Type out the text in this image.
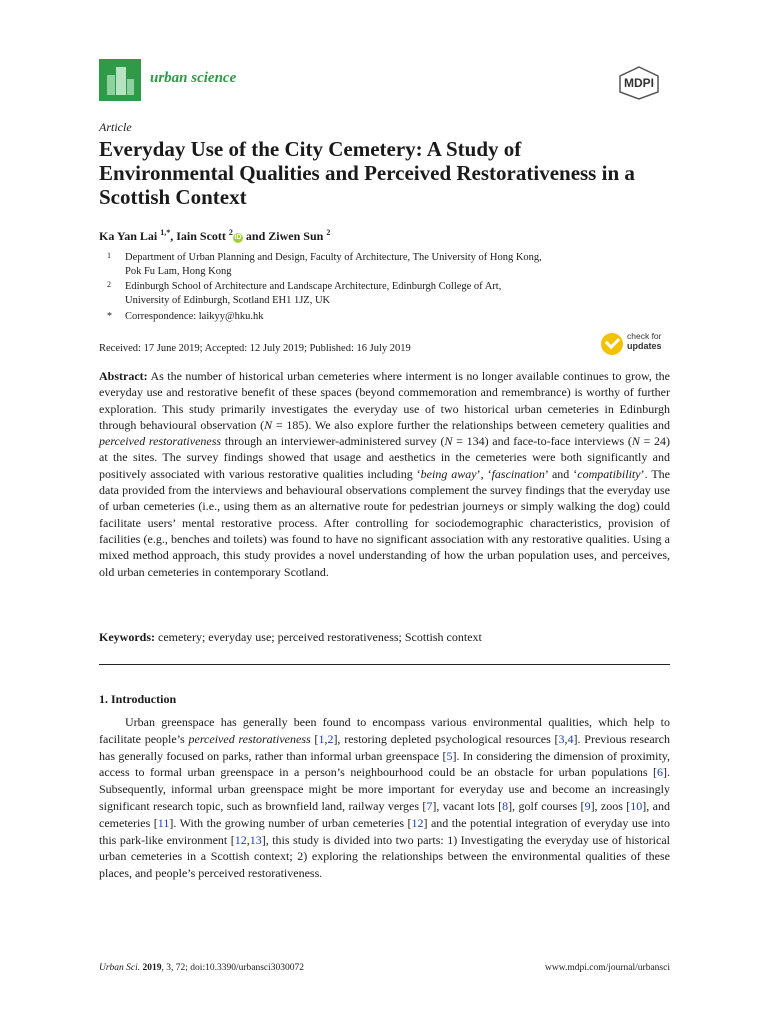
urban science	MDPI
Article
Everyday Use of the City Cemetery: A Study of Environmental Qualities and Perceived Restorativeness in a Scottish Context
Ka Yan Lai $^{1,*}$, Iain Scott $^2$iD and Ziwen Sun $^2$
1 Department of Urban Planning and Design, Faculty of Architecture, The University of Hong Kong,
Pok Fu Lam, Hong Kong
2 Edinburgh School of Architecture and Landscape Architecture, Edinburgh College of Art,
University of Edinburgh, Scotland EH1 1JZ, UK
* Correspondence: laikyy@hku.hk
check for
updates
Received: 17 June 2019; Accepted: 12 July 2019; Published: 16 July 2019
Abstract: As the number of historical urban cemeteries where interment is no longer available continues to grow, the everyday use and restorative benefit of these spaces (beyond commemoration and remembrance) is worthy of further exploration. This study primarily investigates the everyday use of two historical urban cemeteries in Edinburgh through behavioural observation (N = 185). We also explore further the relationships between cemetery qualities and perceived restorativeness through an interviewer-administered survey (N = 134) and face-to-face interviews (N = 24) at the sites. The survey findings showed that usage and aesthetics in the cemeteries were both significantly and positively associated with various restorative qualities including ‘being away’, ‘fascination’ and ‘compatibility’. The data provided from the interviews and behavioural observations complement the survey findings that the everyday use of urban cemeteries (i.e., using them as an alternative route for pedestrian journeys or simply walking the dog) could facilitate users’ mental restorative process. After controlling for sociodemographic characteristics, provision of facilities (e.g., benches and toilets) was found to have no significant association with any restorative qualities. Using a mixed method approach, this study provides a novel understanding of how the urban population uses, and perceives, old urban cemeteries in contemporary Scotland.
Keywords: cemetery; everyday use; perceived restorativeness; Scottish context
1. Introduction
Urban greenspace has generally been found to encompass various environmental qualities, which help to facilitate people’s perceived restorativeness [1,2], restoring depleted psychological resources [3,4]. Previous research has generally focused on parks, rather than informal urban greenspace [5]. In considering the dimension of proximity, access to formal urban greenspace in a person’s neighbourhood could be an obstacle for urban populations [6]. Subsequently, informal urban greenspace might be more important for everyday use and become an increasingly significant research topic, such as brownfield land, railway verges [7], vacant lots [8], golf courses [9], zoos [10], and cemeteries [11]. With the growing number of urban cemeteries [12] and the potential integration of everyday use into this park-like environment [12,13], this study is divided into two parts: 1) Investigating the everyday use of historical urban cemeteries in a Scottish context; 2) exploring the relationships between the environmental qualities of these places, and people’s perceived restorativeness.
Urban Sci. 2019, 3, 72; doi:10.3390/urbansci3030072	www.mdpi.com/journal/urbansci
